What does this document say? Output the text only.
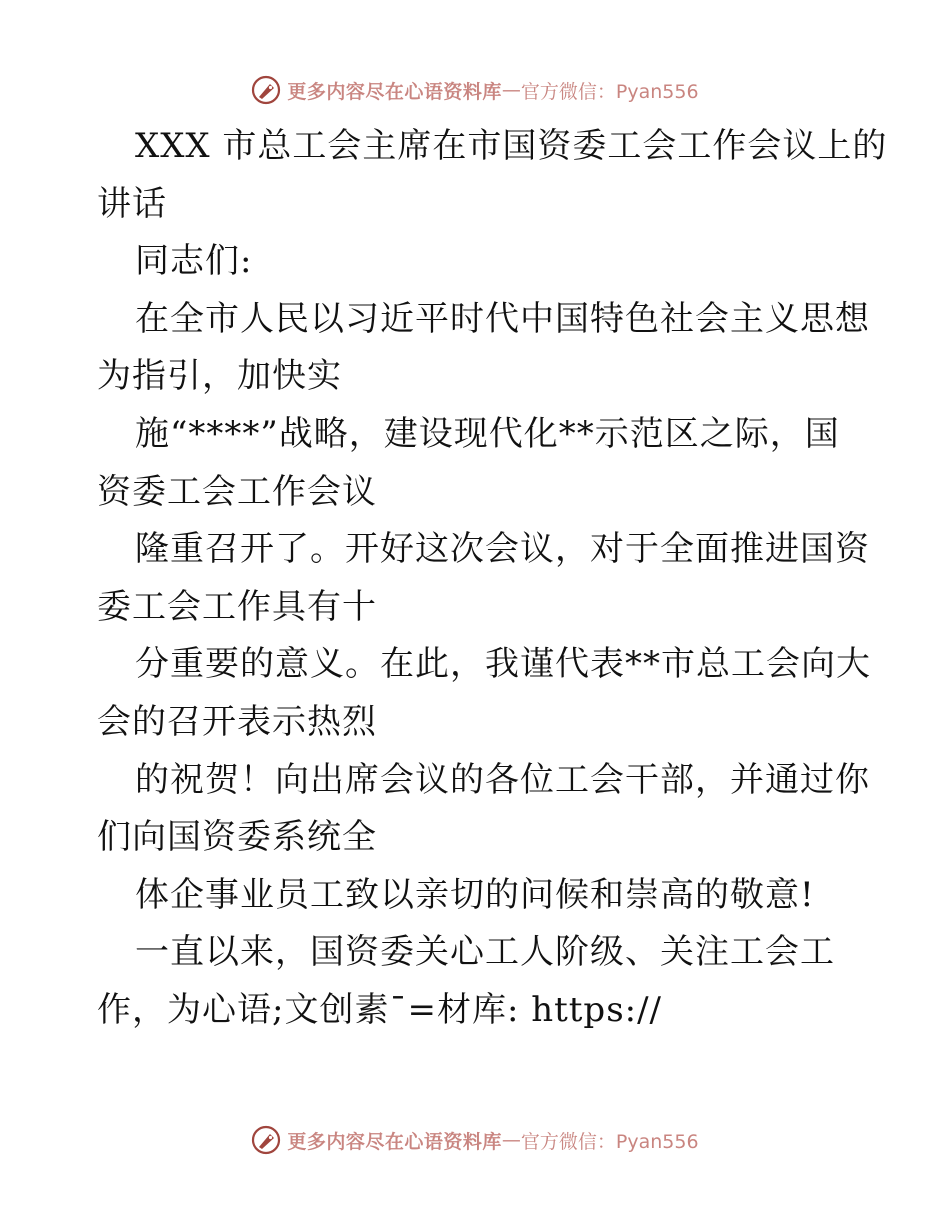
更多内容尽在心语资料库 — 官方微信：Pyan556
XXX 市总工会主席在市国资委工会工作会议上的
讲话
同志们:
在全市人民以习近平时代中国特色社会主义思想
为指引，加快实
施“****”战略，建设现代化**示范区之际，国
资委工会工作会议
隆重召开了。开好这次会议，对于全面推进国资
委工会工作具有十
分重要的意义。在此，我谨代表**市总工会向大
会的召开表示热烈
的祝贺！向出席会议的各位工会干部，并通过你
们向国资委系统全
体企事业员工致以亲切的问候和崇高的敬意!
一直以来，国资委关心工人阶级、关注工会工
作，为心语;文创素¯=材库: https://
更多内容尽在心语资料库 — 官方微信：Pyan556
